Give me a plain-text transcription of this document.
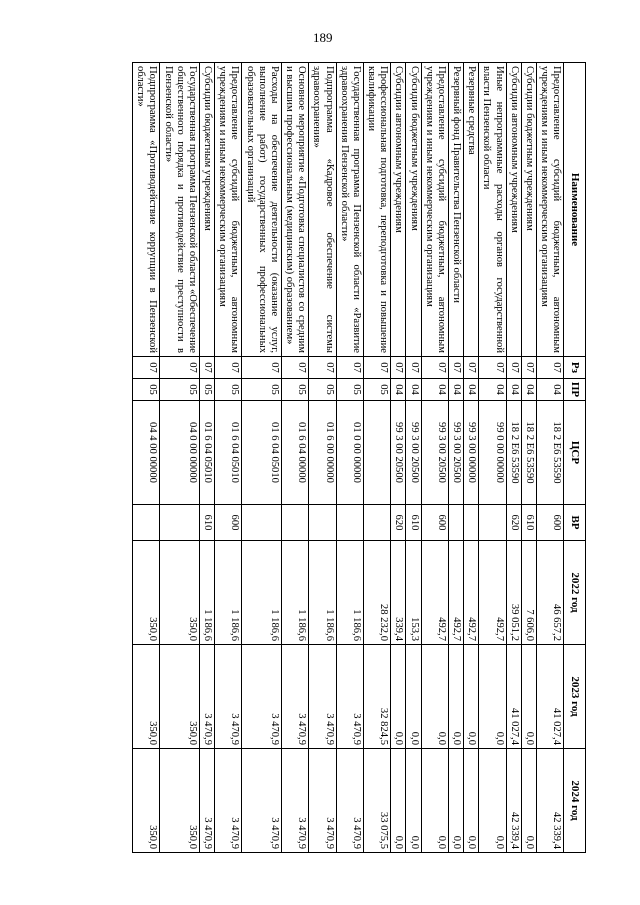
189
Наименование	Рз	ПР	ЦСР	ВР	2022 год	2023 год	2024 год
Предоставление субсидий бюджетным, автономным учреждениям и иным некоммерческим организациям	07	04	18 2 E6 53590	600	46 657,2	41 027,4	42 339,4
Субсидии бюджетным учреждениям	07	04	18 2 E6 53590	610	7 606,0	0,0	0,0
Субсидии автономным учреждениям	07	04	18 2 E6 53590	620	39 051,2	41 027,4	42 339,4
Иные непрограммные расходы органов государственной власти Пензенской области	07	04	99 0 00 00000		492,7	0,0	0,0
Резервные средства	07	04	99 3 00 00000		492,7	0,0	0,0
Резервный фонд Правительства Пензенской области	07	04	99 3 00 20500		492,7	0,0	0,0
Предоставление субсидий бюджетным, автономным учреждениям и иным некоммерческим организациям	07	04	99 3 00 20500	600	492,7	0,0	0,0
Субсидии бюджетным учреждениям	07	04	99 3 00 20500	610	153,3	0,0	0,0
Субсидии автономным учреждениям	07	04	99 3 00 20500	620	339,4	0,0	0,0
Профессиональная подготовка, переподготовка и повышение квалификации	07	05			28 232,0	32 824,5	33 075,5
Государственная программа Пензенской области «Развитие здравоохранения Пензенской области»	07	05	01 0 00 00000		1 186,6	3 470,9	3 470,9
Подпрограмма «Кадровое обеспечение системы здравоохранения»	07	05	01 6 00 00000		1 186,6	3 470,9	3 470,9
Основное мероприятие «Подготовка специалистов со средним и высшим профессиональным (медицинским) образованием»	07	05	01 6 04 00000		1 186,6	3 470,9	3 470,9
Расходы на обеспечение деятельности (оказание услуг, выполнение работ) государственных профессиональных образовательных организаций	07	05	01 6 04 05010		1 186,6	3 470,9	3 470,9
Предоставление субсидий бюджетным, автономным учреждениям и иным некоммерческим организациям	07	05	01 6 04 05010	600	1 186,6	3 470,9	3 470,9
Субсидии бюджетным учреждениям	07	05	01 6 04 05010	610	1 186,6	3 470,9	3 470,9
Государственная программа Пензенской области «Обеспечение общественного порядка и противодействие преступности в Пензенской области»	07	05	04 0 00 00000		350,0	350,0	350,0
Подпрограмма «Противодействие коррупции в Пензенской области»	07	05	04 4 00 00000		350,0	350,0	350,0
